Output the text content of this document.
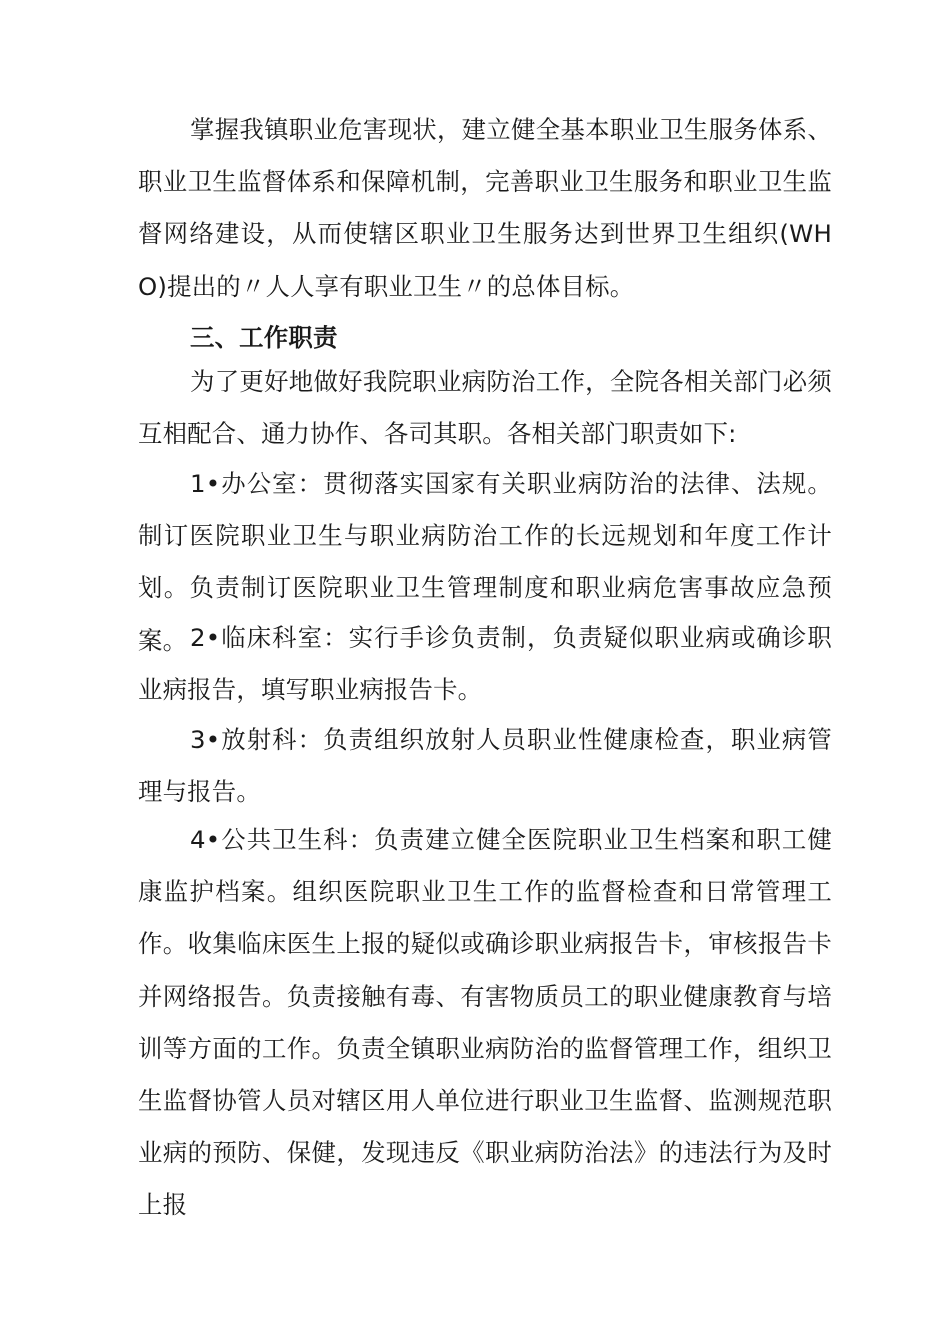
掌握我镇职业危害现状，建立健全基本职业卫生服务体系、职业卫生监督体系和保障机制，完善职业卫生服务和职业卫生监督网络建设，从而使辖区职业卫生服务达到世界卫生组织(WHO)提出的〃人人享有职业卫生〃的总体目标。

三、工作职责

为了更好地做好我院职业病防治工作，全院各相关部门必须互相配合、通力协作、各司其职。各相关部门职责如下:

1•办公室：贯彻落实国家有关职业病防治的法律、法规。制订医院职业卫生与职业病防治工作的长远规划和年度工作计划。负责制订医院职业卫生管理制度和职业病危害事故应急预案。 2•临床科室：实行手诊负责制，负责疑似职业病或确诊职业病报告，填写职业病报告卡。

3•放射科：负责组织放射人员职业性健康检查，职业病管理与报告。

4•公共卫生科：负责建立健全医院职业卫生档案和职工健康监护档案。组织医院职业卫生工作的监督检查和日常管理工作。收集临床医生上报的疑似或确诊职业病报告卡，审核报告卡并网络报告。负责接触有毒、有害物质员工的职业健康教育与培训等方面的工作。负责全镇职业病防治的监督管理工作，组织卫生监督协管人员对辖区用人单位进行职业卫生监督、监测规范职业病的预防、保健，发现违反《职业病防治法》的违法行为及时上报
